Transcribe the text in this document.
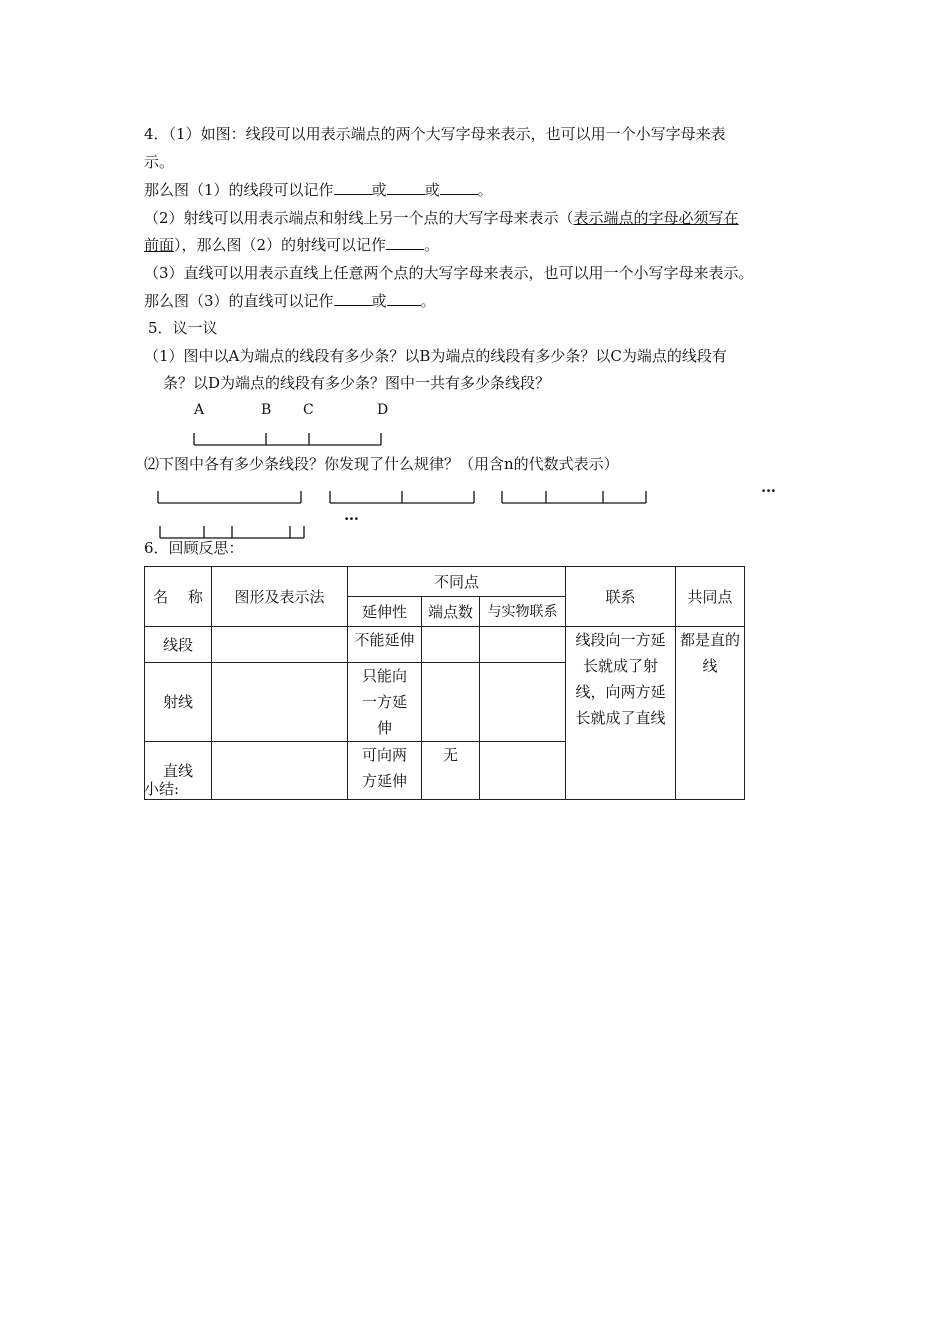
4．（1）如图：线段可以用表示端点的两个大写字母来表示，也可以用一个小写字母来表
示。
那么图（1）的线段可以记作	或	或	。
（2）射线可以用表示端点和射线上另一个点的大写字母来表示（表示端点的字母必须写在
前面），那么图（2）的射线可以记作	。
（3）直线可以用表示直线上任意两个点的大写字母来表示，也可以用一个小写字母来表示。
那么图（3）的直线可以记作	或 。
5．议一议
（1）图中以A为端点的线段有多少条？以B为端点的线段有多少条？以C为端点的线段有
条？以D为端点的线段有多少条？图中一共有多少条线段？
A	B C	D
⑵下图中各有多少条线段？你发现了什么规律？（用含n的代数式表示）
…
…
6．回顾反思：
名　 称	图形及表示法	不同点			联系	共同点
		延伸性	端点数	与实物联系		
线段		不能延伸			线段向一方延长就成了射线，向两方延长就成了直线	都是直的线
射线		只能向一方延伸				
直线		可向两方延伸	无			
小结:
